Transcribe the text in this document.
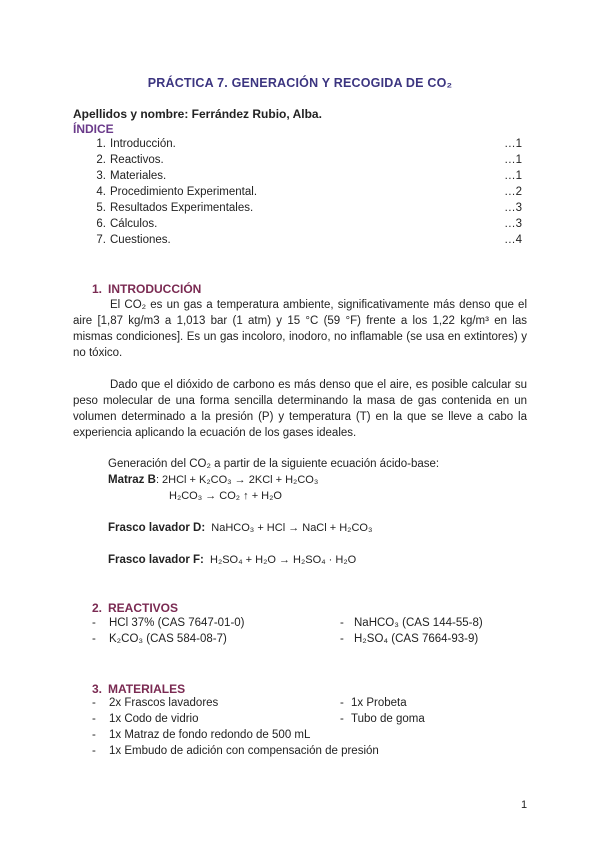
PRÁCTICA 7. GENERACIÓN Y RECOGIDA DE CO₂
Apellidos y nombre: Ferrández Rubio, Alba.
ÍNDICE
1. Introducción.	…1
2. Reactivos.	…1
3. Materiales.	…1
4. Procedimiento Experimental.	…2
5. Resultados Experimentales.	…3
6. Cálculos.	…3
7. Cuestiones.	…4
1. INTRODUCCIÓN
El CO₂ es un gas a temperatura ambiente, significativamente más denso que el aire [1,87 kg/m3 a 1,013 bar (1 atm) y 15 °C (59 °F) frente a los 1,22 kg/m³ en las mismas condiciones]. Es un gas incoloro, inodoro, no inflamable (se usa en extintores) y no tóxico.
Dado que el dióxido de carbono es más denso que el aire, es posible calcular su peso molecular de una forma sencilla determinando la masa de gas contenida en un volumen determinado a la presión (P) y temperatura (T) en la que se lleve a cabo la experiencia aplicando la ecuación de los gases ideales.
Generación del CO₂ a partir de la siguiente ecuación ácido-base:
Matraz B: 2HCl + K₂CO₃ → 2KCl + H₂CO₃
H₂CO₃ → CO₂ ↑ + H₂O
Frasco lavador D: NaHCO₃ + HCl → NaCl + H₂CO₃
Frasco lavador F: H₂SO₄ + H₂O → H₂SO₄ · H₂O
2. REACTIVOS
- HCl 37% (CAS 7647-01-0)	- NaHCO₃ (CAS 144-55-8)
- K₂CO₃ (CAS 584-08-7)	- H₂SO₄ (CAS 7664-93-9)
3. MATERIALES
- 2x Frascos lavadores	- 1x Probeta
- 1x Codo de vidrio	- Tubo de goma
- 1x Matraz de fondo redondo de 500 mL
- 1x Embudo de adición con compensación de presión
1
